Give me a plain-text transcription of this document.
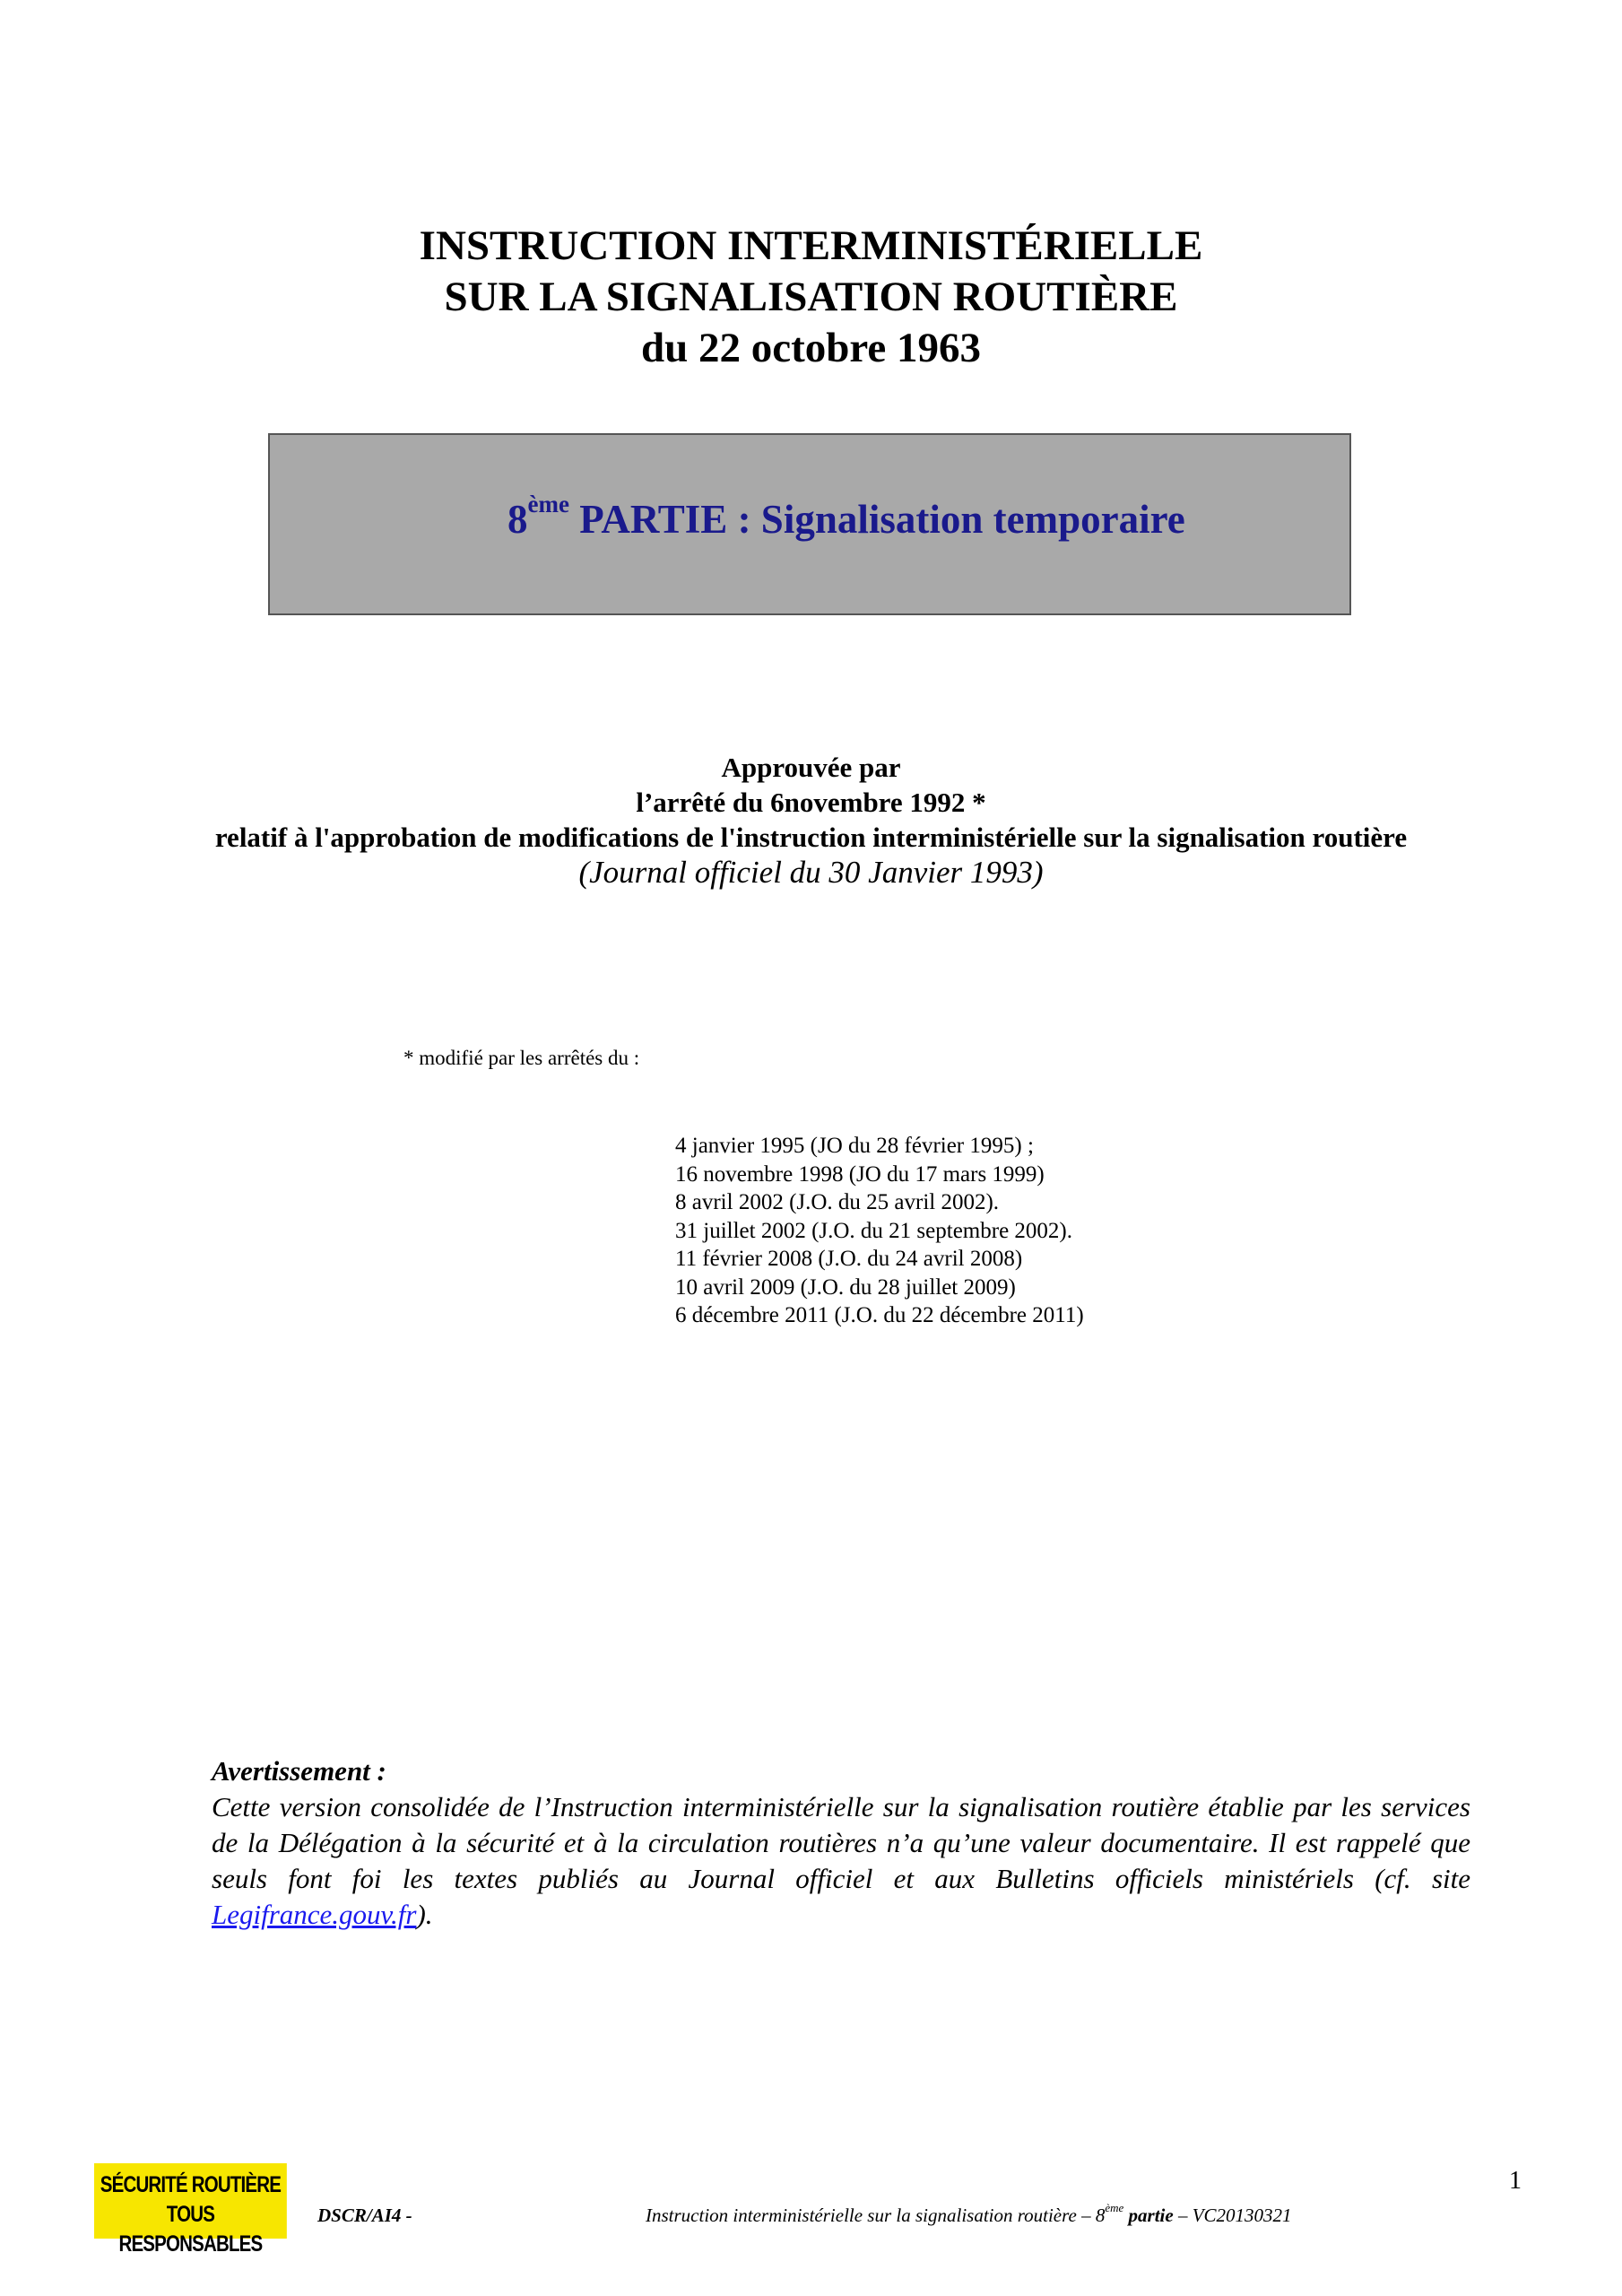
INSTRUCTION INTERMINISTÉRIELLE
SUR LA SIGNALISATION ROUTIÈRE
du 22 octobre 1963
8ème PARTIE : Signalisation temporaire
Approuvée par
l’arrêté du 6novembre 1992 *
relatif à l'approbation de modifications de l'instruction interministérielle sur la signalisation routière
(Journal officiel du 30 Janvier 1993)
* modifié par les arrêtés du :
4 janvier 1995 (JO du 28 février 1995) ;
16 novembre 1998 (JO du 17 mars 1999)
8 avril 2002 (J.O. du 25 avril 2002).
31 juillet 2002 (J.O. du 21 septembre 2002).
11 février 2008 (J.O. du 24 avril 2008)
10 avril 2009 (J.O. du 28 juillet 2009)
6 décembre 2011 (J.O. du 22 décembre 2011)
Avertissement :
Cette version consolidée de l’Instruction interministérielle sur la signalisation routière établie par les services de la Délégation à la sécurité et à la circulation routières n’a qu’une valeur documentaire. Il est rappelé que seuls font foi les textes publiés au Journal officiel et aux Bulletins officiels ministériels (cf. site Legifrance.gouv.fr).
SÉCURITÉ ROUTIÈRE
TOUS RESPONSABLES
1
DSCR/AI4 -	Instruction interministérielle sur la signalisation routière – 8ème partie – VC20130321
